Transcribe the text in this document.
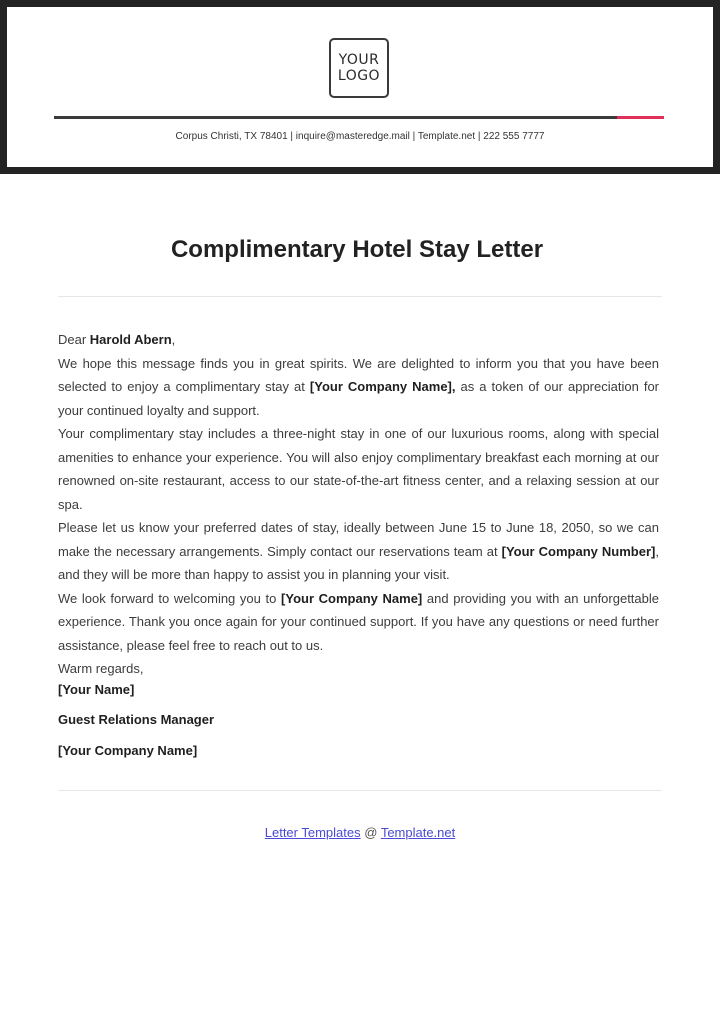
YOUR
LOGO
Corpus Christi, TX 78401 | inquire@masteredge.mail | Template.net | 222 555 7777
Complimentary Hotel Stay Letter

Dear Harold Abern,

We hope this message finds you in great spirits. We are delighted to inform you that you have been selected to enjoy a complimentary stay at [Your Company Name], as a token of our appreciation for your continued loyalty and support.

Your complimentary stay includes a three-night stay in one of our luxurious rooms, along with special amenities to enhance your experience. You will also enjoy complimentary breakfast each morning at our renowned on-site restaurant, access to our state-of-the-art fitness center, and a relaxing session at our spa.

Please let us know your preferred dates of stay, ideally between June 15 to June 18, 2050, so we can make the necessary arrangements. Simply contact our reservations team at [Your Company Number], and they will be more than happy to assist you in planning your visit.

We look forward to welcoming you to [Your Company Name] and providing you with an unforgettable experience. Thank you once again for your continued support. If you have any questions or need further assistance, please feel free to reach out to us.

Warm regards,

[Your Name]
Guest Relations Manager
[Your Company Name]
Letter Templates @ Template.net
